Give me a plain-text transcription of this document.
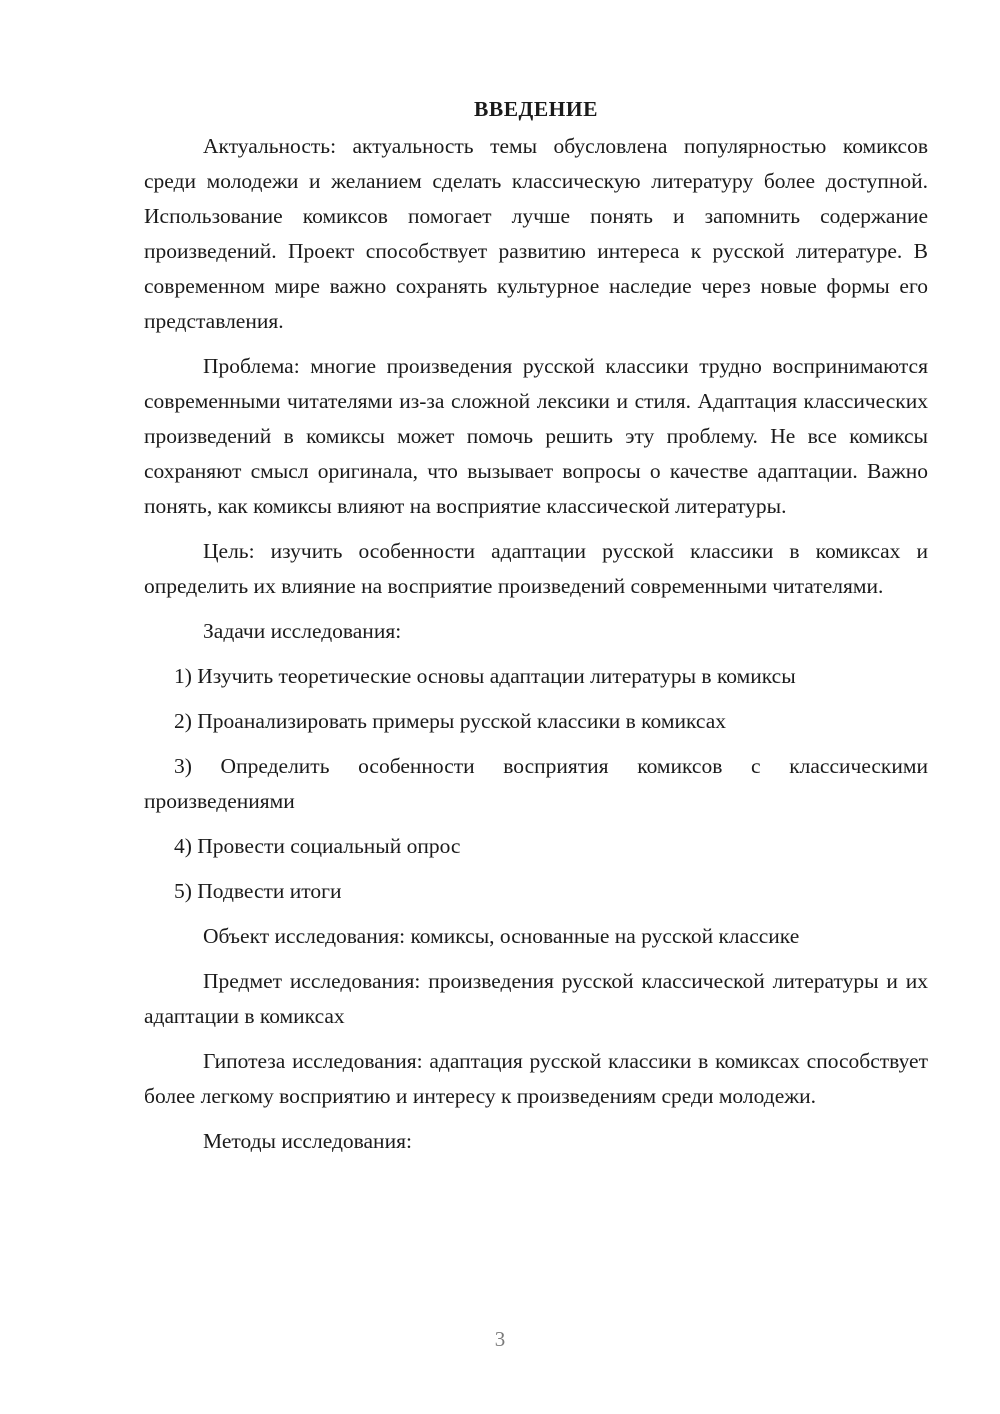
ВВЕДЕНИЕ

Актуальность: актуальность темы обусловлена популярностью комиксов среди молодежи и желанием сделать классическую литературу более доступной. Использование комиксов помогает лучше понять и запомнить содержание произведений. Проект способствует развитию интереса к русской литературе. В современном мире важно сохранять культурное наследие через новые формы его представления.

Проблема: многие произведения русской классики трудно воспринимаются современными читателями из-за сложной лексики и стиля. Адаптация классических произведений в комиксы может помочь решить эту проблему. Не все комиксы сохраняют смысл оригинала, что вызывает вопросы о качестве адаптации. Важно понять, как комиксы влияют на восприятие классической литературы.

Цель: изучить особенности адаптации русской классики в комиксах и определить их влияние на восприятие произведений современными читателями.

Задачи исследования:

1) Изучить теоретические основы адаптации литературы в комиксы

2) Проанализировать примеры русской классики в комиксах

3) Определить особенности восприятия комиксов с классическими произведениями

4) Провести социальный опрос

5) Подвести итоги

Объект исследования: комиксы, основанные на русской классике

Предмет исследования: произведения русской классической литературы и их адаптации в комиксах

Гипотеза исследования: адаптация русской классики в комиксах способствует более легкому восприятию и интересу к произведениям среди молодежи.

Методы исследования:

3
